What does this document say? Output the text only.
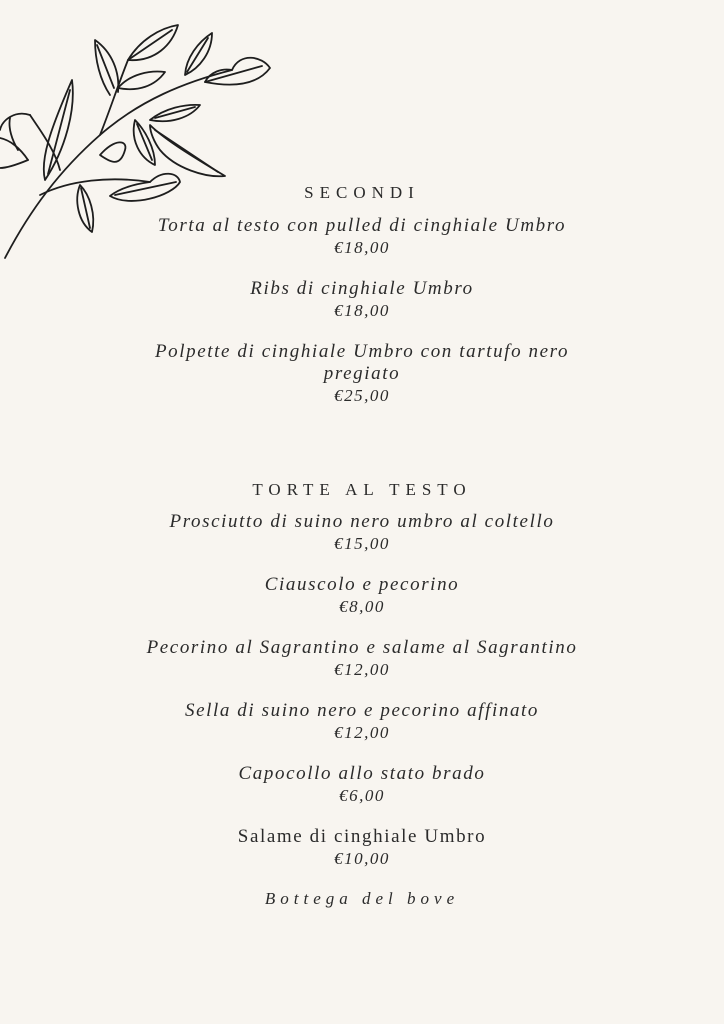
SECONDI
Torta al testo con pulled di cinghiale Umbro
€18,00
Ribs di cinghiale Umbro
€18,00
Polpette di cinghiale Umbro con tartufo nero pregiato
€25,00
TORTE AL TESTO
Prosciutto di suino nero umbro al coltello
€15,00
Ciauscolo e pecorino
€8,00
Pecorino al Sagrantino e salame al Sagrantino
€12,00
Sella di suino nero e pecorino affinato
€12,00
Capocollo allo stato brado
€6,00
Salame di cinghiale Umbro
€10,00
Bottega del bove
